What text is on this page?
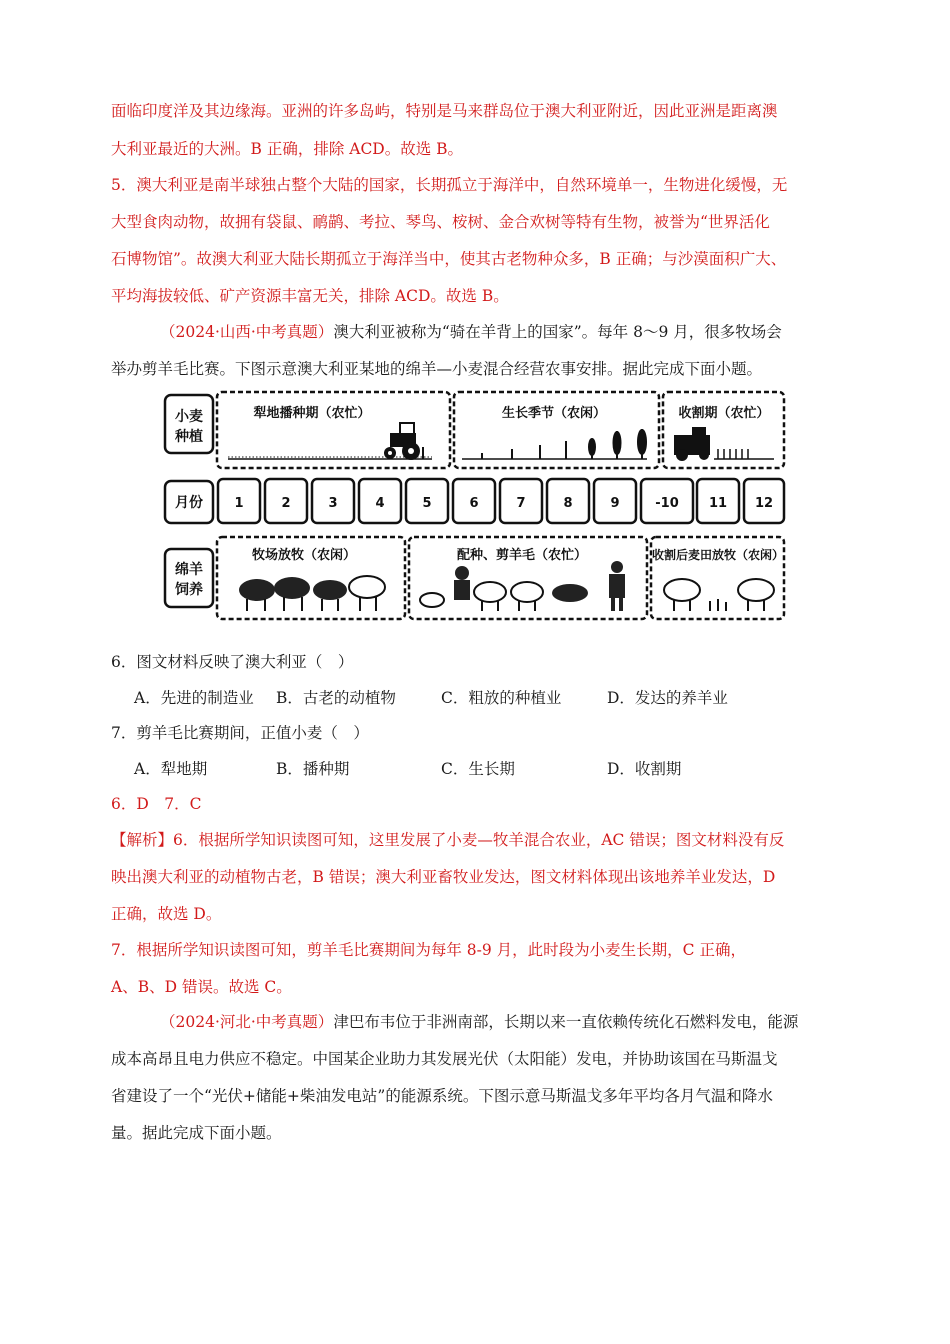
面临印度洋及其边缘海。亚洲的许多岛屿，特别是马来群岛位于澳大利亚附近，因此亚洲是距离澳
大利亚最近的大洲。B 正确，排除 ACD。故选 B。
5．澳大利亚是南半球独占整个大陆的国家，长期孤立于海洋中，自然环境单一，生物进化缓慢，无
大型食肉动物，故拥有袋鼠、鸸鹋、考拉、琴鸟、桉树、金合欢树等特有生物，被誉为“世界活化
石博物馆”。故澳大利亚大陆长期孤立于海洋当中，使其古老物种众多，B 正确；与沙漠面积广大、
平均海拔较低、矿产资源丰富无关，排除 ACD。故选 B。
（2024·山西·中考真题）澳大利亚被称为“骑在羊背上的国家”。每年 8～9 月，很多牧场会
举办剪羊毛比赛。下图示意澳大利亚某地的绵羊—小麦混合经营农事安排。据此完成下面小题。
小麦
种植
月份
绵羊
饲养
犁地播种期（农忙）	生长季节（农闲）	收割期（农忙）
1	2	3	4	5	6	7	8	9	-10 11 12
牧场放牧（农闲）	配种、剪羊毛（农忙）	收割后麦田放牧（农闲）
6．图文材料反映了澳大利亚（　）
A．先进的制造业 B．古老的动植物	C．粗放的种植业	D．发达的养羊业
7．剪羊毛比赛期间，正值小麦（　）
A．犁地期	B．播种期	C．生长期	D．收割期
6．D　7．C
【解析】6．根据所学知识读图可知，这里发展了小麦—牧羊混合农业，AC 错误；图文材料没有反
映出澳大利亚的动植物古老，B 错误；澳大利亚畜牧业发达，图文材料体现出该地养羊业发达，D
正确，故选 D。
7．根据所学知识读图可知，剪羊毛比赛期间为每年 8-9 月，此时段为小麦生长期，C 正确，
A、B、D 错误。故选 C。
（2024·河北·中考真题）津巴布韦位于非洲南部，长期以来一直依赖传统化石燃料发电，能源
成本高昂且电力供应不稳定。中国某企业助力其发展光伏（太阳能）发电，并协助该国在马斯温戈
省建设了一个“光伏+储能+柴油发电站”的能源系统。下图示意马斯温戈多年平均各月气温和降水
量。据此完成下面小题。
